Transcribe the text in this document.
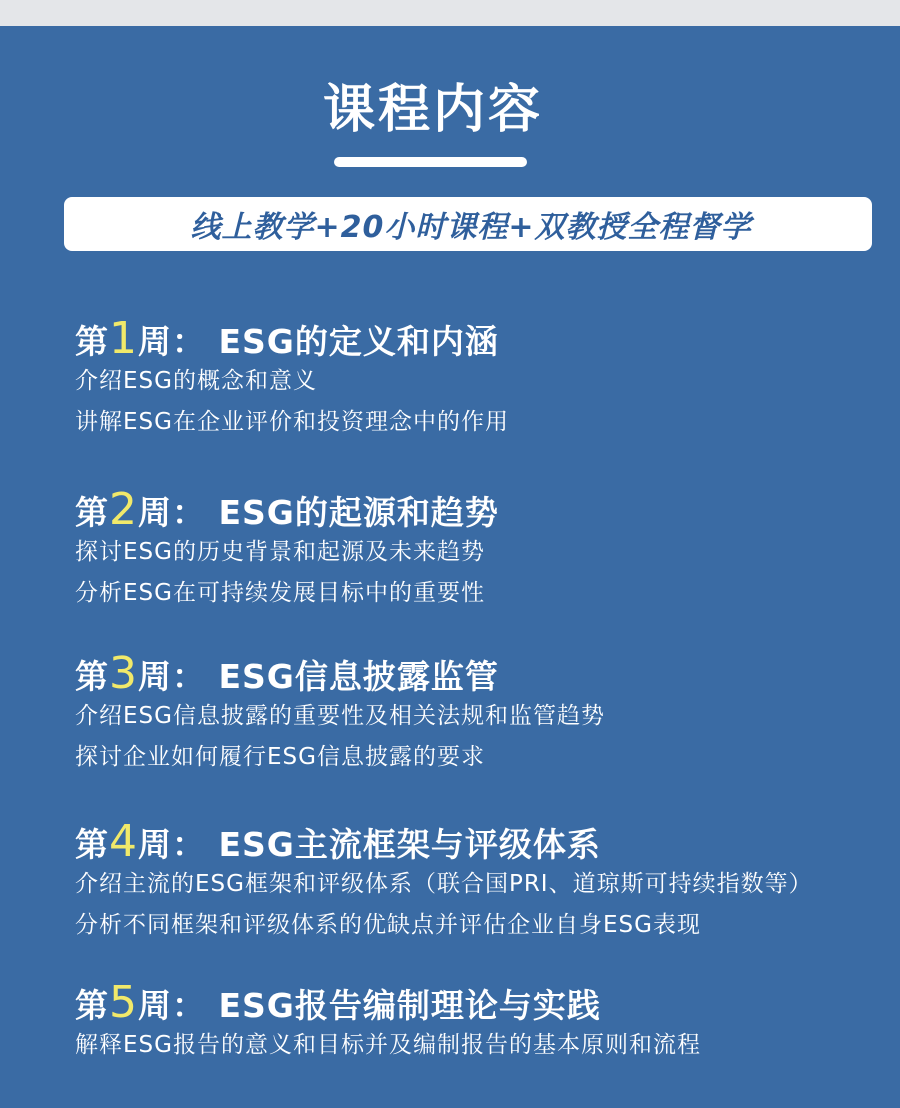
课程内容
线上教学+20小时课程+双教授全程督学
第1周： ESG的定义和内涵
介绍ESG的概念和意义
讲解ESG在企业评价和投资理念中的作用
第2周： ESG的起源和趋势
探讨ESG的历史背景和起源及未来趋势
分析ESG在可持续发展目标中的重要性
第3周： ESG信息披露监管
介绍ESG信息披露的重要性及相关法规和监管趋势
探讨企业如何履行ESG信息披露的要求
第4周： ESG主流框架与评级体系
介绍主流的ESG框架和评级体系（联合国PRI、道琼斯可持续指数等）
分析不同框架和评级体系的优缺点并评估企业自身ESG表现
第5周： ESG报告编制理论与实践
解释ESG报告的意义和目标并及编制报告的基本原则和流程
